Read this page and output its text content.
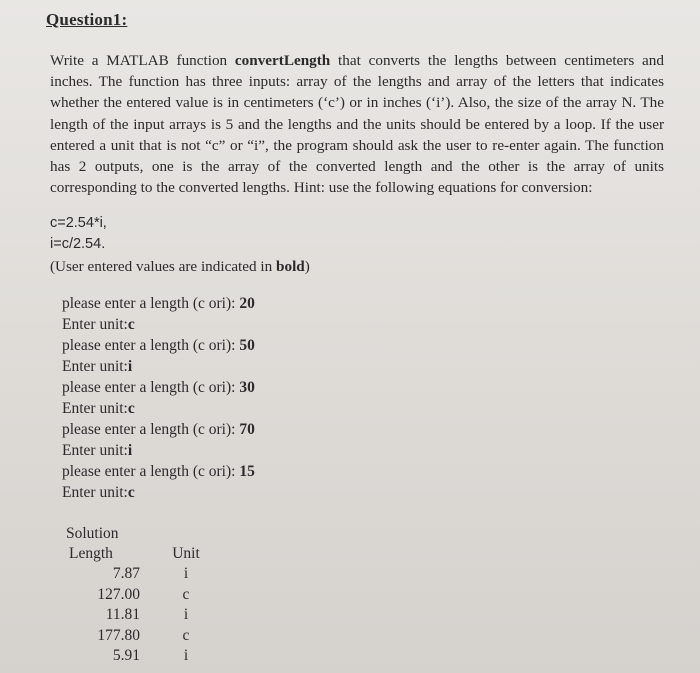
Question1:
Write a MATLAB function convertLength that converts the lengths between centimeters and inches. The function has three inputs: array of the lengths and array of the letters that indicates whether the entered value is in centimeters (‘c’) or in inches (‘i’). Also, the size of the array N. The length of the input arrays is 5 and the lengths and the units should be entered by a loop. If the user entered a unit that is not “c” or “i”, the program should ask the user to re-enter again. The function has 2 outputs, one is the array of the converted length and the other is the array of units corresponding to the converted lengths. Hint: use the following equations for conversion:
c=2.54*i,
i=c/2.54.
(User entered values are indicated in bold)
please enter a length (c ori): 20
Enter unit:c
please enter a length (c ori): 50
Enter unit:i
please enter a length (c ori): 30
Enter unit:c
please enter a length (c ori): 70
Enter unit:i
please enter a length (c ori): 15
Enter unit:c
Solution
Length	Unit
7.87	i
127.00	c
11.81	i
177.80	c
5.91	i
